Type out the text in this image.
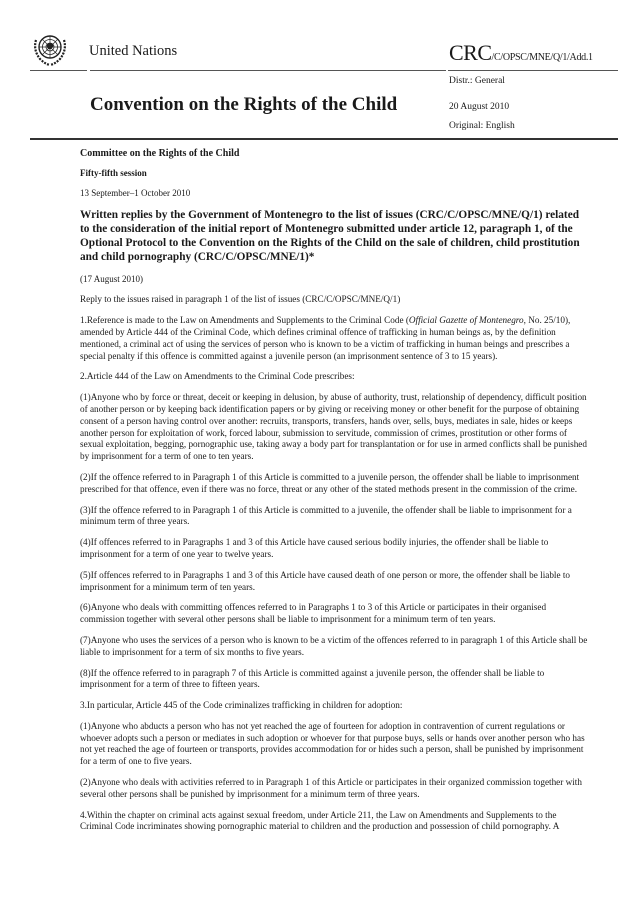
United Nations	CRC/C/OPSC/MNE/Q/1/Add.1
Convention on the Rights of the Child
Distr.: General
20 August 2010
Original: English
Committee on the Rights of the Child
Fifty-fifth session
13 September–1 October 2010
Written replies by the Government of Montenegro to the list of issues (CRC/C/OPSC/MNE/Q/1) related to the consideration of the initial report of Montenegro submitted under article 12, paragraph 1, of the Optional Protocol to the Convention on the Rights of the Child on the sale of children, child prostitution and child pornography (CRC/C/OPSC/MNE/1)*

(17 August 2010)

Reply to the issues raised in paragraph 1 of the list of issues (CRC/C/OPSC/MNE/Q/1)

1.Reference is made to the Law on Amendments and Supplements to the Criminal Code (Official Gazette of Montenegro, No. 25/10), amended by Article 444 of the Criminal Code, which defines criminal offence of trafficking in human beings as, by the definition mentioned, a criminal act of using the services of person who is known to be a victim of trafficking in human beings and prescribes a special penalty if this offence is committed against a juvenile person (an imprisonment sentence of 3 to 15 years).

2.Article 444 of the Law on Amendments to the Criminal Code prescribes:

(1)Anyone who by force or threat, deceit or keeping in delusion, by abuse of authority, trust, relationship of dependency, difficult position of another person or by keeping back identification papers or by giving or receiving money or other benefit for the purpose of obtaining consent of a person having control over another: recruits, transports, transfers, hands over, sells, buys, mediates in sale, hides or keeps another person for exploitation of work, forced labour, submission to servitude, commission of crimes, prostitution or other forms of sexual exploitation, begging, pornographic use, taking away a body part for transplantation or for use in armed conflicts shall be punished by imprisonment for a term of one to ten years.

(2)If the offence referred to in Paragraph 1 of this Article is committed to a juvenile person, the offender shall be liable to imprisonment prescribed for that offence, even if there was no force, threat or any other of the stated methods present in the commission of the crime.

(3)If the offence referred to in Paragraph 1 of this Article is committed to a juvenile, the offender shall be liable to imprisonment for a minimum term of three years.

(4)If offences referred to in Paragraphs 1 and 3 of this Article have caused serious bodily injuries, the offender shall be liable to imprisonment for a term of one year to twelve years.

(5)If offences referred to in Paragraphs 1 and 3 of this Article have caused death of one person or more, the offender shall be liable to imprisonment for a minimum term of ten years.

(6)Anyone who deals with committing offences referred to in Paragraphs 1 to 3 of this Article or participates in their organised commission together with several other persons shall be liable to imprisonment for a minimum term of ten years.

(7)Anyone who uses the services of a person who is known to be a victim of the offences referred to in paragraph 1 of this Article shall be liable to imprisonment for a term of six months to five years.

(8)If the offence referred to in paragraph 7 of this Article is committed against a juvenile person, the offender shall be liable to imprisonment for a term of three to fifteen years.

3.In particular, Article 445 of the Code criminalizes trafficking in children for adoption:

(1)Anyone who abducts a person who has not yet reached the age of fourteen for adoption in contravention of current regulations or whoever adopts such a person or mediates in such adoption or whoever for that purpose buys, sells or hands over another person who has not yet reached the age of fourteen or transports, provides accommodation for or hides such a person, shall be punished by imprisonment for a term of one to five years.

(2)Anyone who deals with activities referred to in Paragraph 1 of this Article or participates in their organized commission together with several other persons shall be punished by imprisonment for a minimum term of three years.

4.Within the chapter on criminal acts against sexual freedom, under Article 211, the Law on Amendments and Supplements to the Criminal Code incriminates showing pornographic material to children and the production and possession of child pornography. A
